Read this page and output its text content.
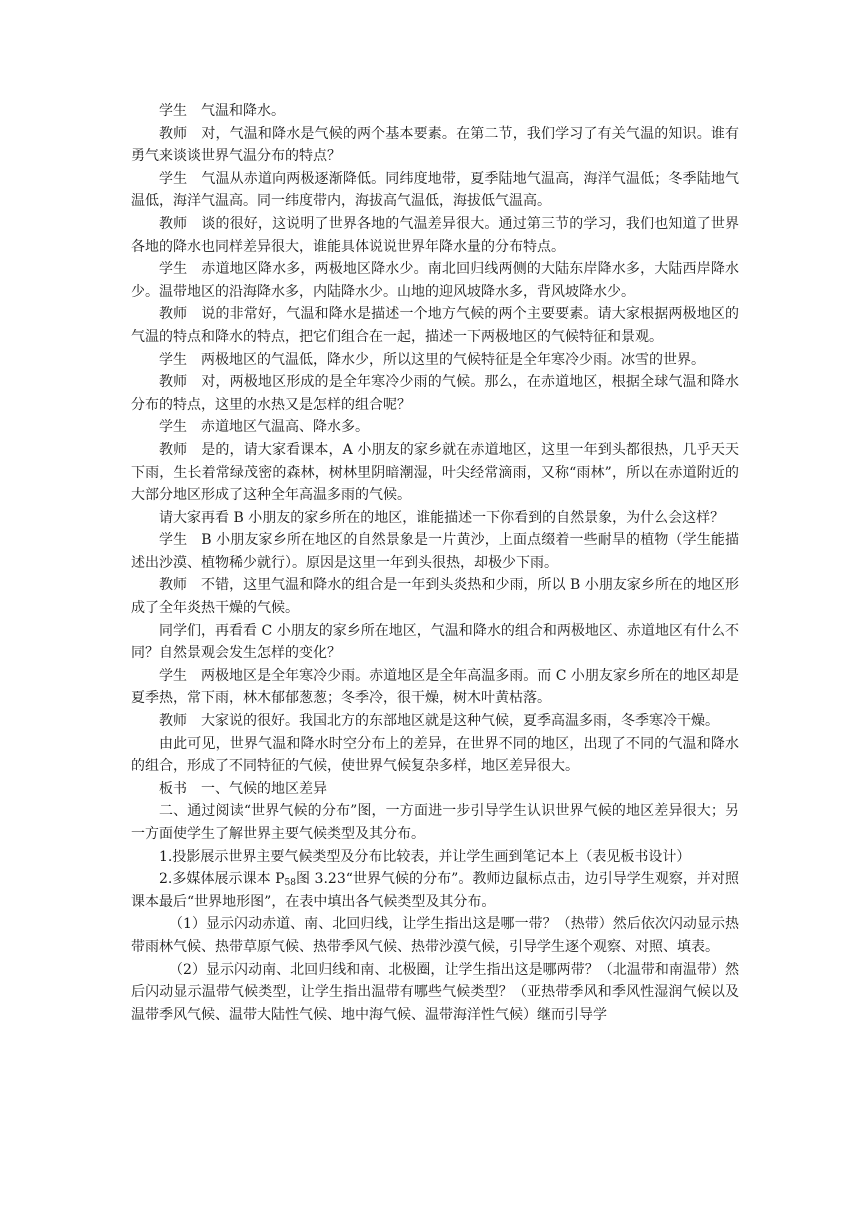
学生 气温和降水。

教师 对，气温和降水是气候的两个基本要素。在第二节，我们学习了有关气温的知识。谁有勇气来谈谈世界气温分布的特点？

学生 气温从赤道向两极逐渐降低。同纬度地带，夏季陆地气温高，海洋气温低；冬季陆地气温低，海洋气温高。同一纬度带内，海拔高气温低，海拔低气温高。

教师 谈的很好，这说明了世界各地的气温差异很大。通过第三节的学习，我们也知道了世界各地的降水也同样差异很大，谁能具体说说世界年降水量的分布特点。

学生 赤道地区降水多，两极地区降水少。南北回归线两侧的大陆东岸降水多，大陆西岸降水少。温带地区的沿海降水多，内陆降水少。山地的迎风坡降水多，背风坡降水少。

教师 说的非常好，气温和降水是描述一个地方气候的两个主要要素。请大家根据两极地区的气温的特点和降水的特点，把它们组合在一起，描述一下两极地区的气候特征和景观。

学生 两极地区的气温低，降水少，所以这里的气候特征是全年寒冷少雨。冰雪的世界。

教师 对，两极地区形成的是全年寒冷少雨的气候。那么，在赤道地区，根据全球气温和降水分布的特点，这里的水热又是怎样的组合呢？

学生 赤道地区气温高、降水多。

教师 是的，请大家看课本，A 小朋友的家乡就在赤道地区，这里一年到头都很热，几乎天天下雨，生长着常绿茂密的森林，树林里阴暗潮湿，叶尖经常滴雨，又称“雨林”，所以在赤道附近的大部分地区形成了这种全年高温多雨的气候。

请大家再看 B 小朋友的家乡所在的地区，谁能描述一下你看到的自然景象，为什么会这样？

学生 B 小朋友家乡所在地区的自然景象是一片黄沙，上面点缀着一些耐旱的植物（学生能描述出沙漠、植物稀少就行）。原因是这里一年到头很热，却极少下雨。

教师 不错，这里气温和降水的组合是一年到头炎热和少雨，所以 B 小朋友家乡所在的地区形成了全年炎热干燥的气候。

同学们，再看看 C 小朋友的家乡所在地区，气温和降水的组合和两极地区、赤道地区有什么不同？自然景观会发生怎样的变化？

学生 两极地区是全年寒冷少雨。赤道地区是全年高温多雨。而 C 小朋友家乡所在的地区却是夏季热，常下雨，林木郁郁葱葱；冬季冷，很干燥，树木叶黄枯落。

教师 大家说的很好。我国北方的东部地区就是这种气候，夏季高温多雨，冬季寒冷干燥。

由此可见，世界气温和降水时空分布上的差异，在世界不同的地区，出现了不同的气温和降水的组合，形成了不同特征的气候，使世界气候复杂多样，地区差异很大。

板书 一、气候的地区差异

二、通过阅读“世界气候的分布”图，一方面进一步引导学生认识世界气候的地区差异很大；另一方面使学生了解世界主要气候类型及其分布。

1.投影展示世界主要气候类型及分布比较表，并让学生画到笔记本上（表见板书设计）

2.多媒体展示课本 $P_{58}$图 3.23“世界气候的分布”。教师边鼠标点击，边引导学生观察，并对照课本最后“世界地形图”，在表中填出各气候类型及其分布。

（1）显示闪动赤道、南、北回归线，让学生指出这是哪一带？（热带）然后依次闪动显示热带雨林气候、热带草原气候、热带季风气候、热带沙漠气候，引导学生逐个观察、对照、填表。

（2）显示闪动南、北回归线和南、北极圈，让学生指出这是哪两带？（北温带和南温带）然后闪动显示温带气候类型，让学生指出温带有哪些气候类型？（亚热带季风和季风性湿润气候以及温带季风气候、温带大陆性气候、地中海气候、温带海洋性气候）继而引导学
